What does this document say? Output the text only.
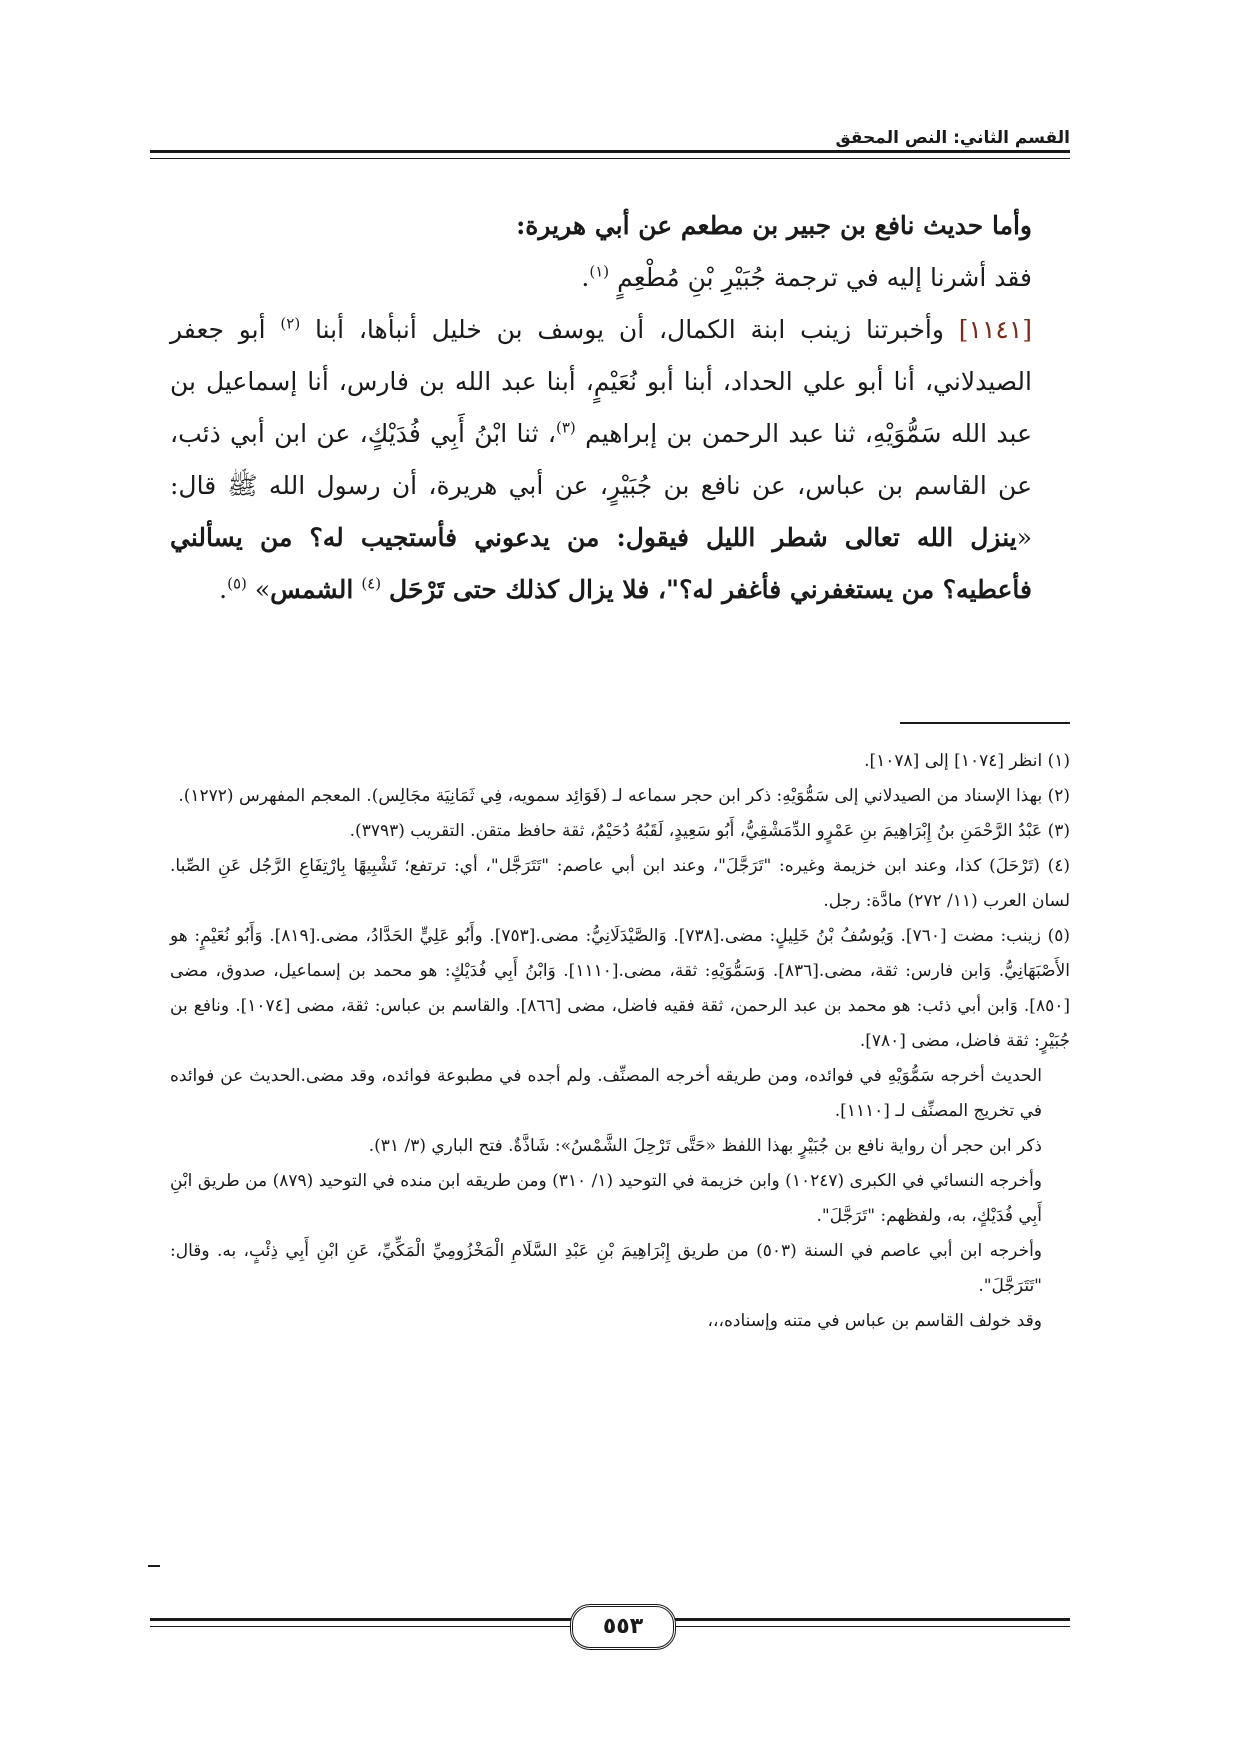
القسم الثاني: النص المحقق

وأما حديث نافع بن جبير بن مطعم عن أبي هريرة:

فقد أشرنا إليه في ترجمة جُبَيْرِ بْنِ مُطْعِمٍ $^{(١)}$.

[١١٤١] وأخبرتنا زينب ابنة الكمال، أن يوسف بن خليل أنبأها، أبنا $^{(٢)}$ أبو جعفر الصيدلاني، أنا أبو علي الحداد، أبنا أبو نُعَيْمٍ، أبنا عبد الله بن فارس، أنا إسماعيل بن عبد الله سَمُّوَيْهِ، ثنا عبد الرحمن بن إبراهيم $^{(٣)}$، ثنا ابْنُ أَبِي فُدَيْكٍ، عن ابن أبي ذئب، عن القاسم بن عباس، عن نافع بن جُبَيْرٍ، عن أبي هريرة، أن رسول الله ﷺ قال: «ينزل الله تعالى شطر الليل فيقول: من يدعوني فأستجيب له؟ من يسألني فأعطيه؟ من يستغفرني فأغفر له؟"، فلا يزال كذلك حتى تَرْحَل $^{(٤)}$ الشمس» $^{(٥)}$.

(١) انظر [١٠٧٤] إلى [١٠٧٨].

(٢) بهذا الإسناد من الصيدلاني إلى سَمُّوَيْهِ: ذكر ابن حجر سماعه لـ (فَوَائِد سمويه، فِي ثَمَانِيَة مجَالِس). المعجم المفهرس (١٢٧٢).

(٣) عَبْدُ الرَّحْمَنِ بنُ إِبْرَاهِيمَ بنِ عَمْرٍو الدِّمَشْقِيُّ، أَبُو سَعِيدٍ، لَقَبُهُ دُحَيْمٌ، ثقة حافظ متقن. التقريب (٣٧٩٣).

(٤) (تَرْحَلَ) كذا، وعند ابن خزيمة وغيره: "تَرَجَّلَ"، وعند ابن أبي عاصم: "تَتَرَجَّل"، أي: ترتفع؛ تَشْبِيهًا بِارْتِفَاعِ الرَّجُل عَنِ الصِّبا. لسان العرب (١١/ ٢٧٢) مادَّة: رجل.

(٥) زينب: مضت [٧٦٠]. وَيُوسُفُ بْنُ خَلِيلٍ: مضى.[٧٣٨]. وَالصَّيْدَلَانِيُّ: مضى.[٧٥٣]. وأَبُو عَلِيٍّ الحَدَّادُ، مضى.[٨١٩]. وَأَبُو نُعَيْمٍ: هو الأَصْبَهَانِيُّ. وَابن فارس: ثقة، مضى.[٨٣٦]. وَسَمُّوَيْهِ: ثقة، مضى.[١١١٠]. وَابْنُ أَبِي فُدَيْكٍ: هو محمد بن إسماعيل، صدوق، مضى [٨٥٠]. وَابن أبي ذئب: هو محمد بن عبد الرحمن، ثقة فقيه فاضل، مضى [٨٦٦]. والقاسم بن عباس: ثقة، مضى [١٠٧٤]. ونافع بن جُبَيْرٍ: ثقة فاضل، مضى [٧٨٠].

الحديث أخرجه سَمُّوَيْهِ في فوائده، ومن طريقه أخرجه المصنِّف. ولم أجده في مطبوعة فوائده، وقد مضى.الحديث عن فوائده في تخريج المصنِّف لـ [١١١٠].

ذكر ابن حجر أن رواية نافع بن جُبَيْرٍ بهذا اللفظ «حَتَّى تَرْحِلَ الشَّمْسُ»: شَاذَّةٌ. فتح الباري (٣/ ٣١).

وأخرجه النسائي في الكبرى (١٠٢٤٧) وابن خزيمة في التوحيد (١/ ٣١٠) ومن طريقه ابن منده في التوحيد (٨٧٩) من طريق ابْنِ أَبِي فُدَيْكٍ، به، ولفظهم: "تَرَجَّلَ".

وأخرجه ابن أبي عاصم في السنة (٥٠٣) من طريق إِبْرَاهِيمَ بْنِ عَبْدِ السَّلَامِ الْمَخْزُومِيِّ الْمَكِّيِّ، عَنِ ابْنِ أَبِي ذِئْبٍ، به. وقال: "تَتَرَجَّلَ".

وقد خولف القاسم بن عباس في متنه وإسناده،،،

٥٥٣
